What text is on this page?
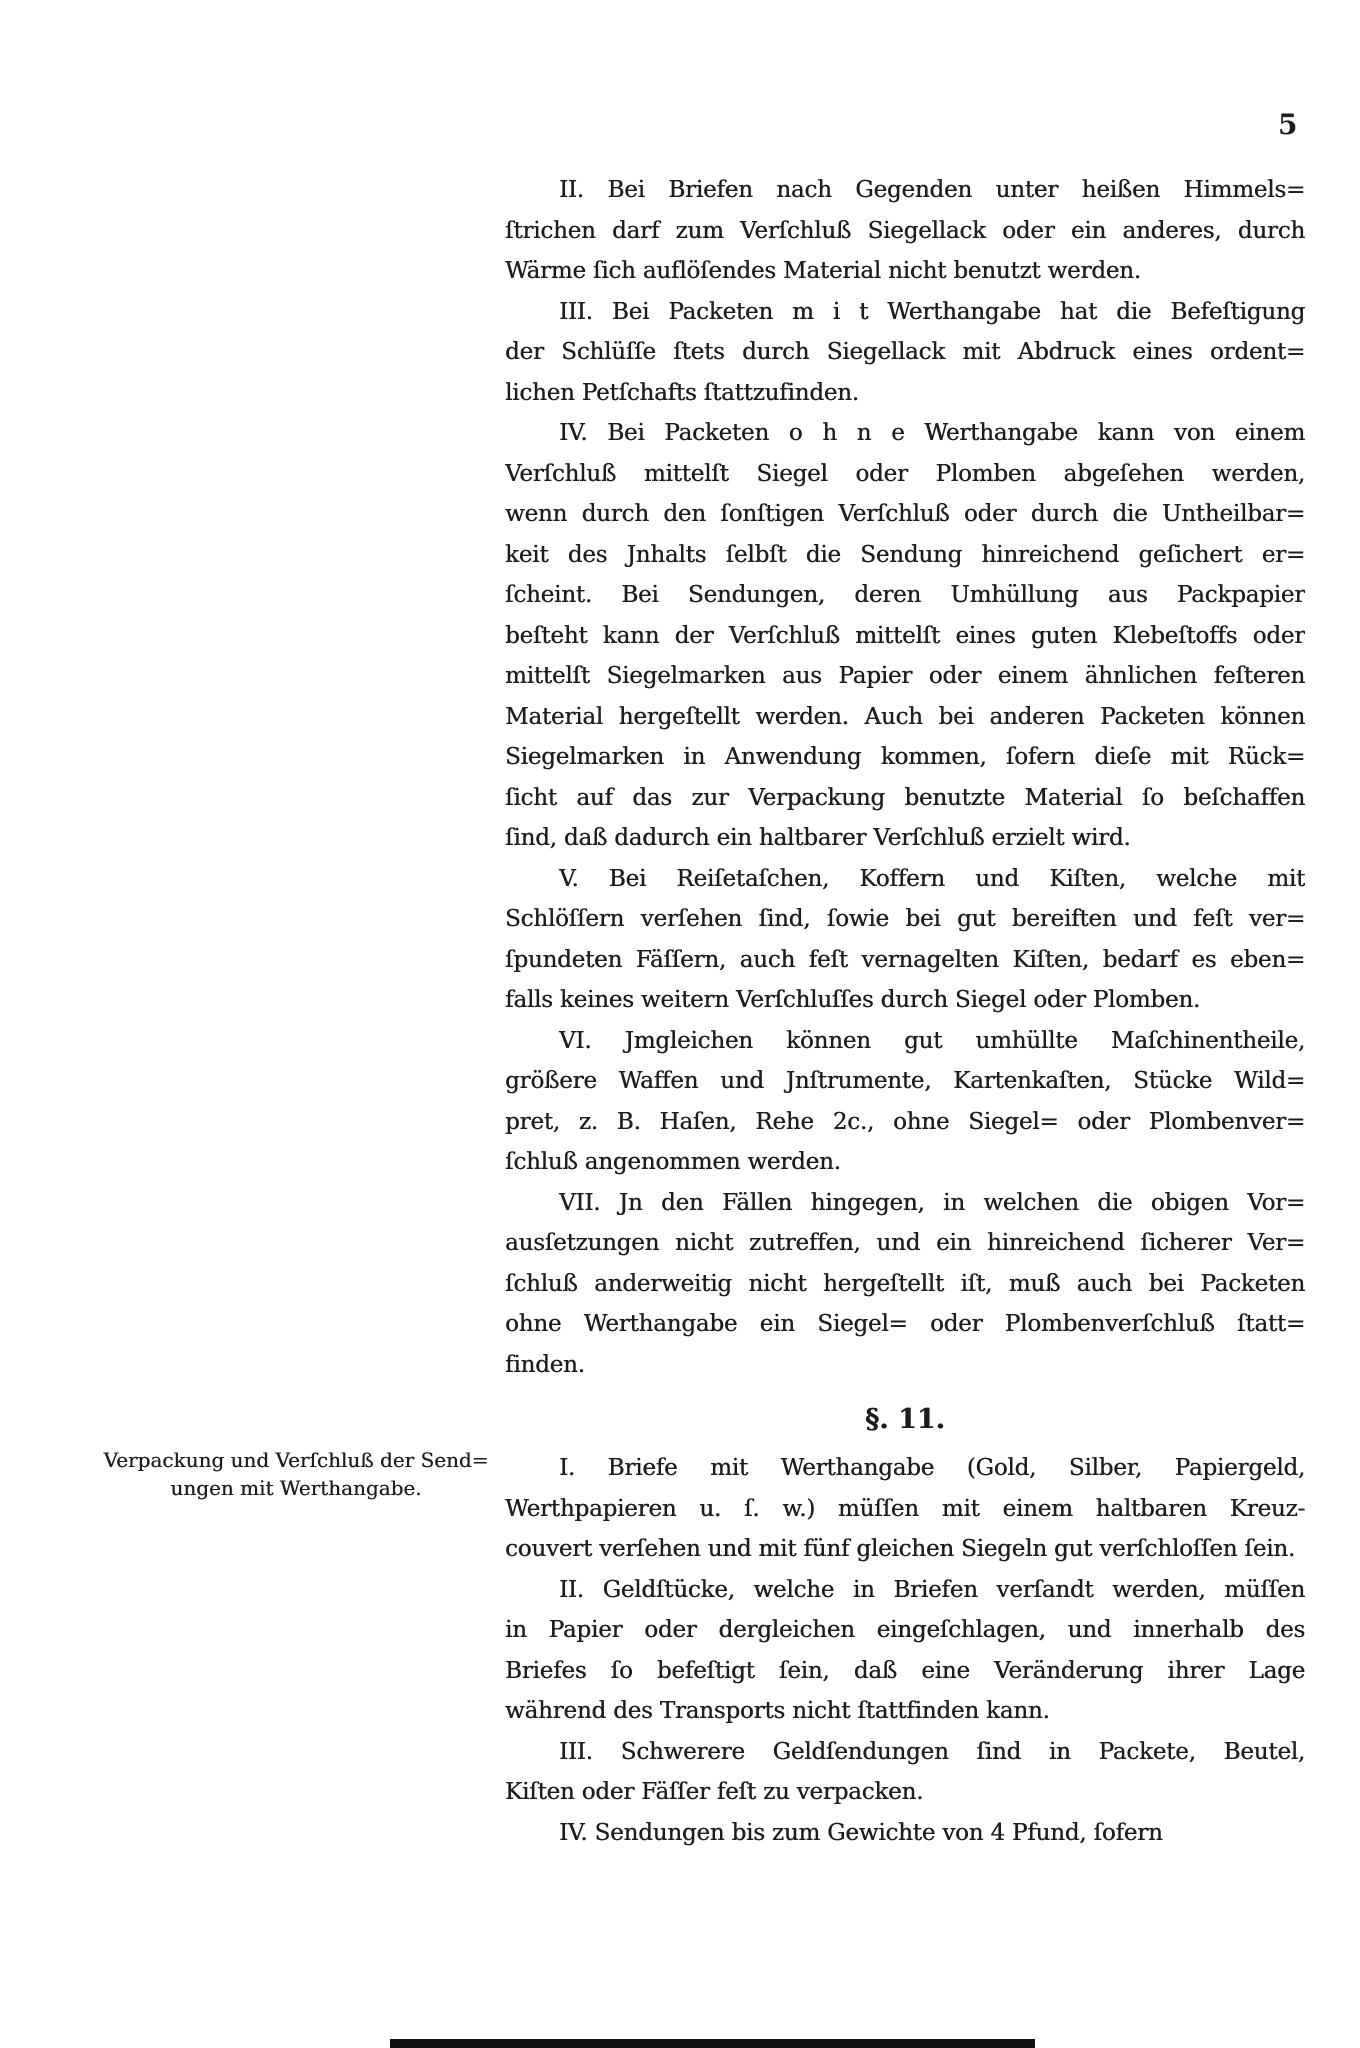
5
II. Bei Briefen nach Gegenden unter heißen Himmels=
ſtrichen darf zum Verſchluß Siegellack oder ein anderes, durch
Wärme ſich auflöſendes Material nicht benutzt werden.
III. Bei Packeten m i t Werthangabe hat die Befeſtigung
der Schlüſſe ſtets durch Siegellack mit Abdruck eines ordent=
lichen Petſchafts ſtattzufinden.
IV. Bei Packeten o h n e Werthangabe kann von einem
Verſchluß mittelſt Siegel oder Plomben abgeſehen werden,
wenn durch den ſonſtigen Verſchluß oder durch die Untheilbar=
keit des Jnhalts ſelbſt die Sendung hinreichend geſichert er=
ſcheint. Bei Sendungen, deren Umhüllung aus Packpapier
beſteht kann der Verſchluß mittelſt eines guten Klebeſtoffs oder
mittelſt Siegelmarken aus Papier oder einem ähnlichen feſteren
Material hergeſtellt werden. Auch bei anderen Packeten können
Siegelmarken in Anwendung kommen, ſofern dieſe mit Rück=
ſicht auf das zur Verpackung benutzte Material ſo beſchaffen
ſind, daß dadurch ein haltbarer Verſchluß erzielt wird.
V. Bei Reiſetaſchen, Koffern und Kiſten, welche mit
Schlöſſern verſehen ſind, ſowie bei gut bereiften und feſt ver=
ſpundeten Fäſſern, auch feſt vernagelten Kiſten, bedarf es eben=
falls keines weitern Verſchluſſes durch Siegel oder Plomben.
VI. Jmgleichen können gut umhüllte Maſchinentheile,
größere Waffen und Jnſtrumente, Kartenkaſten, Stücke Wild=
pret, z. B. Haſen, Rehe 2c., ohne Siegel= oder Plombenver=
ſchluß angenommen werden.
VII. Jn den Fällen hingegen, in welchen die obigen Vor=
ausſetzungen nicht zutreffen, und ein hinreichend ſicherer Ver=
ſchluß anderweitig nicht hergeſtellt iſt, muß auch bei Packeten
ohne Werthangabe ein Siegel= oder Plombenverſchluß ſtatt=
finden.
§. 11.
Verpackung und Verſchluß der Send=
ungen mit Werthangabe.
I. Briefe mit Werthangabe (Gold, Silber, Papiergeld,
Werthpapieren u. ſ. w.) müſſen mit einem haltbaren Kreuz-
couvert verſehen und mit fünf gleichen Siegeln gut verſchloſſen ſein.
II. Geldſtücke, welche in Briefen verſandt werden, müſſen
in Papier oder dergleichen eingeſchlagen, und innerhalb des
Briefes ſo befeſtigt ſein, daß eine Veränderung ihrer Lage
während des Transports nicht ſtattfinden kann.
III. Schwerere Geldſendungen ſind in Packete, Beutel,
Kiſten oder Fäſſer feſt zu verpacken.
IV. Sendungen bis zum Gewichte von 4 Pfund, ſofern
